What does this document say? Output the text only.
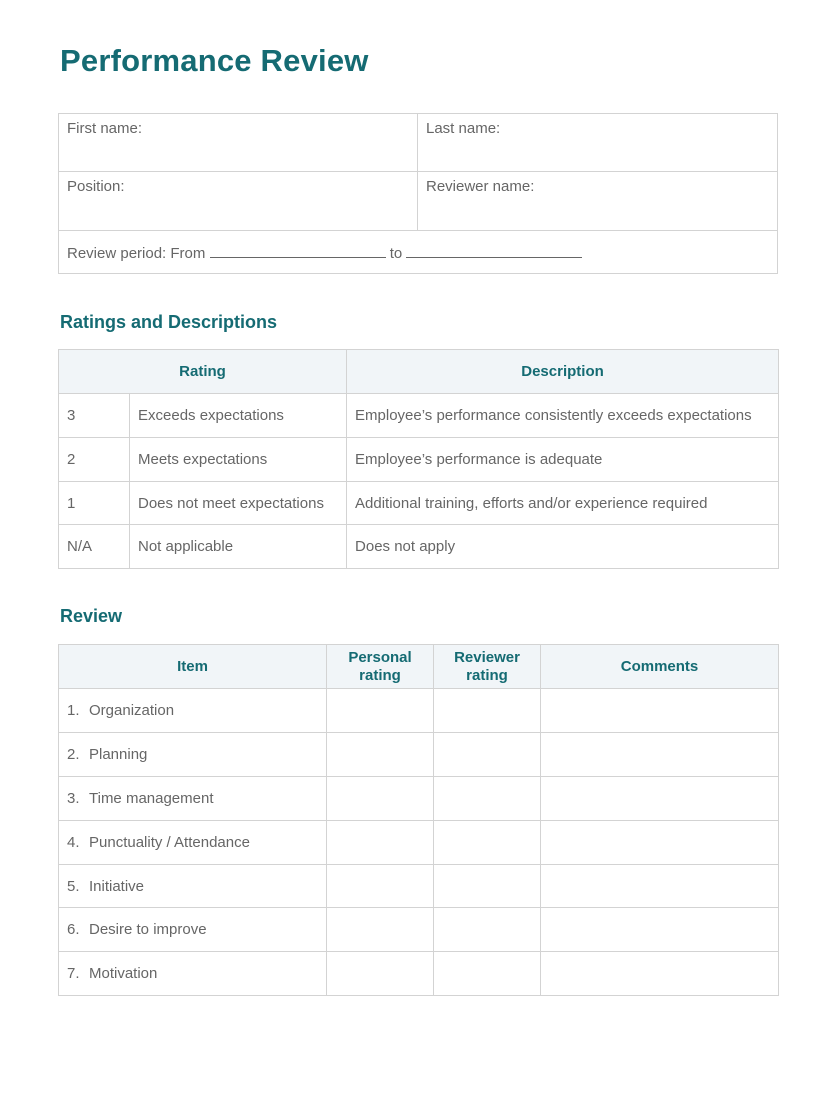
Performance Review
First name:	Last name:
Position:	Reviewer name:
Review period: From to	
Ratings and Descriptions
Rating		Description
3	Exceeds expectations	Employee’s performance consistently exceeds expectations
2	Meets expectations	Employee’s performance is adequate
1	Does not meet expectations	Additional training, efforts and/or experience required
N/A	Not applicable	Does not apply
Review
Item	Personal rating	Reviewer rating	Comments
1. Organization			
2. Planning			
3. Time management			
4. Punctuality / Attendance			
5. Initiative			
6. Desire to improve			
7. Motivation			
